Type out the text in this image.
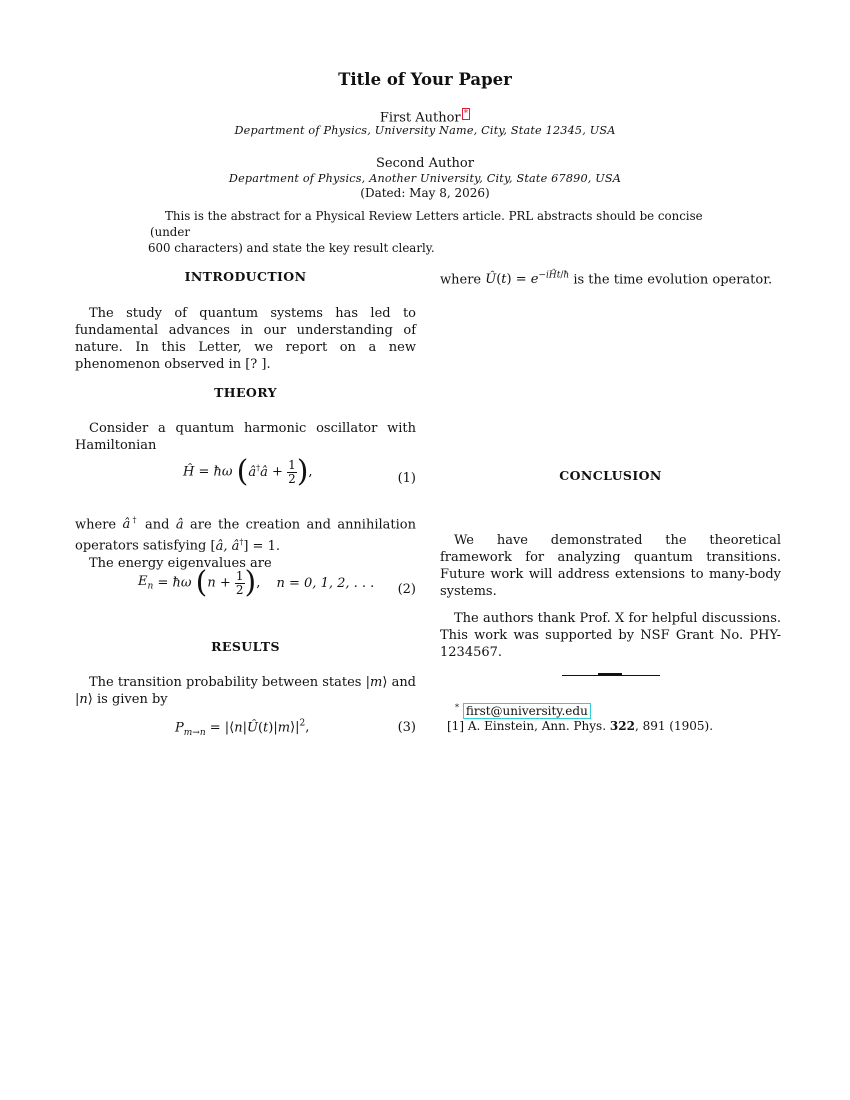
Title of Your Paper
First Author *
Department of Physics, University Name, City, State 12345, USA
Second Author
Department of Physics, Another University, City, State 67890, USA
(Dated: May 8, 2026)
This is the abstract for a Physical Review Letters article. PRL abstracts should be concise (under
600 characters) and state the key result clearly.
INTRODUCTION

The study of quantum systems has led to fundamental advances in our understanding of nature. In this Letter, we report on a new phenomenon observed in [? ].

THEORY

Consider a quantum harmonic oscillator with Hamiltonian

Ĥ = ħω (â†â + $\frac{1}{2}$ ),	(1)

where â† and â are the creation and annihilation operators satisfying [â, â†] = 1.

The energy eigenvalues are

$E_n$ = ħω ($n + \frac{1}{2}$ ), n = 0, 1, 2, . . . (2)
RESULTS

The transition probability between states |m⟩ and |n⟩ is given by

$P_{m\to n}$ = $|⟨n|Û(t)|m⟩|^2$,	(3)

where Û(t) = $e^{-iĤt/ħ}$ is the time evolution operator.

CONCLUSION

We have demonstrated the theoretical framework for analyzing quantum transitions. Future work will address extensions to many-body systems.

The authors thank Prof. X for helpful discussions. This work was supported by NSF Grant No. PHY-1234567.

* first@university.edu
[1] A. Einstein, Ann. Phys. 322, 891 (1905).
